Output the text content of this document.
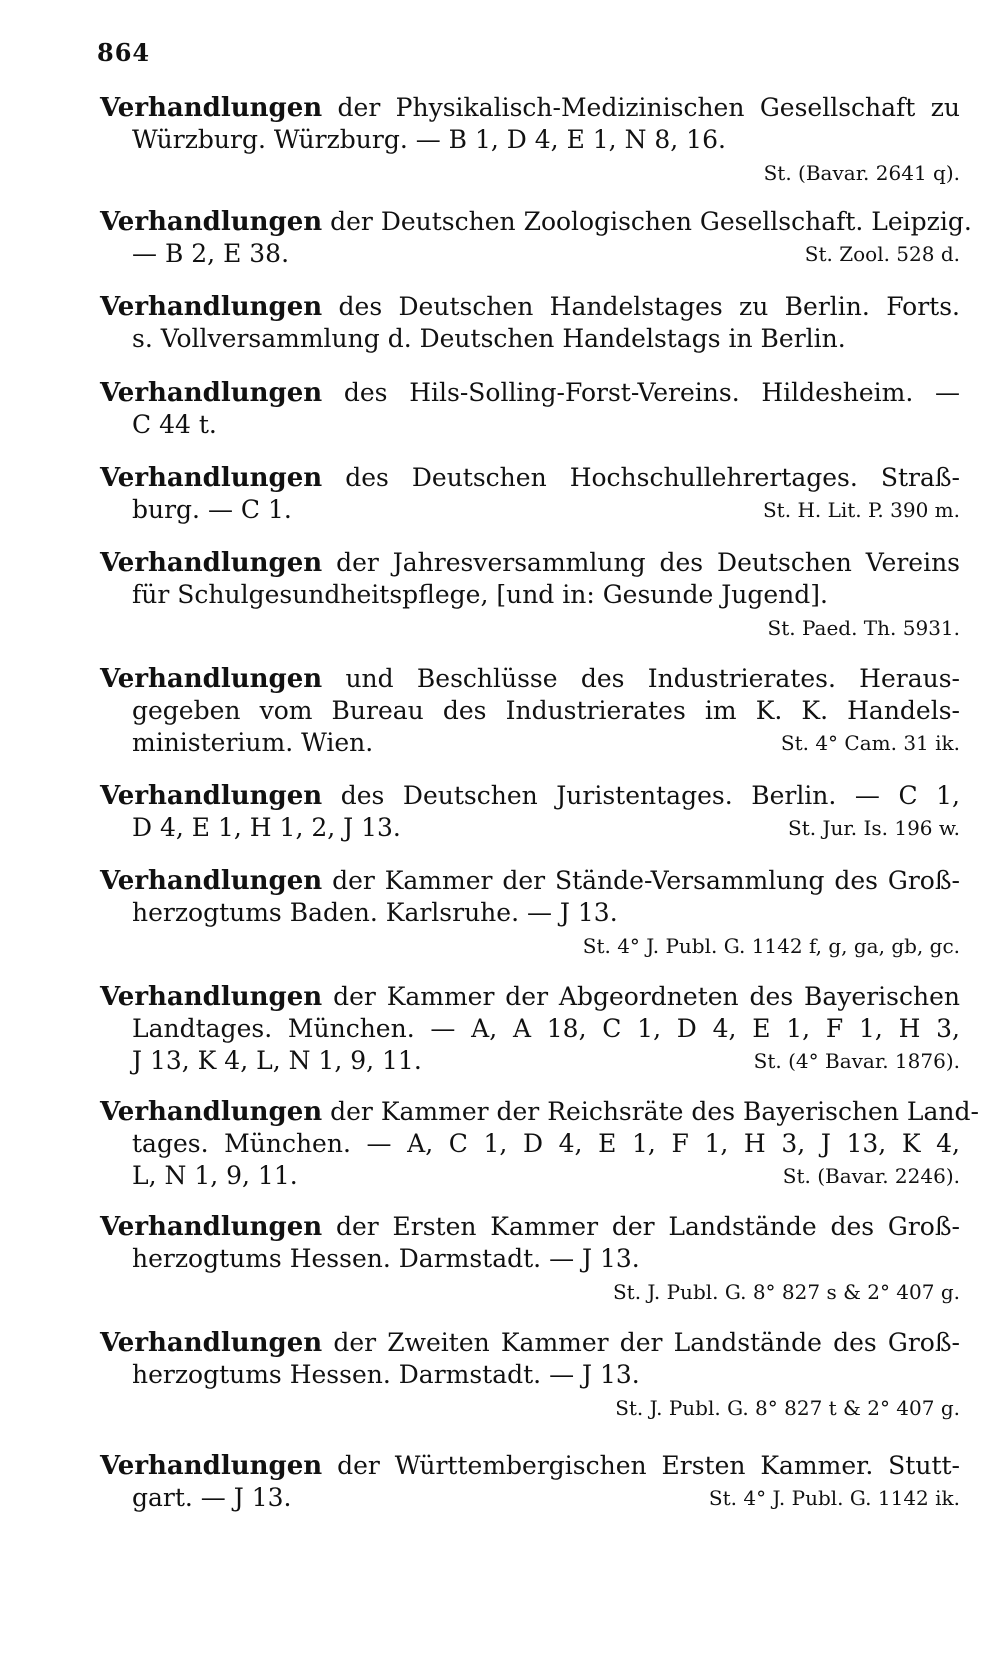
864
Verhandlungen der Physikalisch-Medizinischen Gesellschaft zu
Würzburg. Würzburg. — B 1, D 4, E 1, N 8, 16.
St. (Bavar. 2641 q).
Verhandlungen der Deutschen Zoologischen Gesellschaft. Leipzig.
— B 2, E 38.	St. Zool. 528 d.
Verhandlungen des Deutschen Handelstages zu Berlin. Forts.
s. Vollversammlung d. Deutschen Handelstags in Berlin.
Verhandlungen des Hils-Solling-Forst-Vereins. Hildesheim. —
C 44 t.
Verhandlungen des Deutschen Hochschullehrertages. Straß-
burg. — C 1.	St. H. Lit. P. 390 m.
Verhandlungen der Jahresversammlung des Deutschen Vereins
für Schulgesundheitspflege, [und in: Gesunde Jugend].
St. Paed. Th. 5931.
Verhandlungen und Beschlüsse des Industrierates. Heraus-
gegeben vom Bureau des Industrierates im K. K. Handels-
ministerium. Wien.	St. 4° Cam. 31 ik.
Verhandlungen des Deutschen Juristentages. Berlin. — C 1,
D 4, E 1, H 1, 2, J 13.	St. Jur. Is. 196 w.
Verhandlungen der Kammer der Stände-Versammlung des Groß-
herzogtums Baden. Karlsruhe. — J 13.
St. 4° J. Publ. G. 1142 f, g, ga, gb, gc.
Verhandlungen der Kammer der Abgeordneten des Bayerischen
Landtages. München. — A, A 18, C 1, D 4, E 1, F 1, H 3,
J 13, K 4, L, N 1, 9, 11.	St. (4° Bavar. 1876).
Verhandlungen der Kammer der Reichsräte des Bayerischen Land-
tages. München. — A, C 1, D 4, E 1, F 1, H 3, J 13, K 4,
L, N 1, 9, 11.	St. (Bavar. 2246).
Verhandlungen der Ersten Kammer der Landstände des Groß-
herzogtums Hessen. Darmstadt. — J 13.
St. J. Publ. G. 8° 827 s & 2° 407 g.
Verhandlungen der Zweiten Kammer der Landstände des Groß-
herzogtums Hessen. Darmstadt. — J 13.
St. J. Publ. G. 8° 827 t & 2° 407 g.
Verhandlungen der Württembergischen Ersten Kammer. Stutt-
gart. — J 13.	St. 4° J. Publ. G. 1142 ik.
